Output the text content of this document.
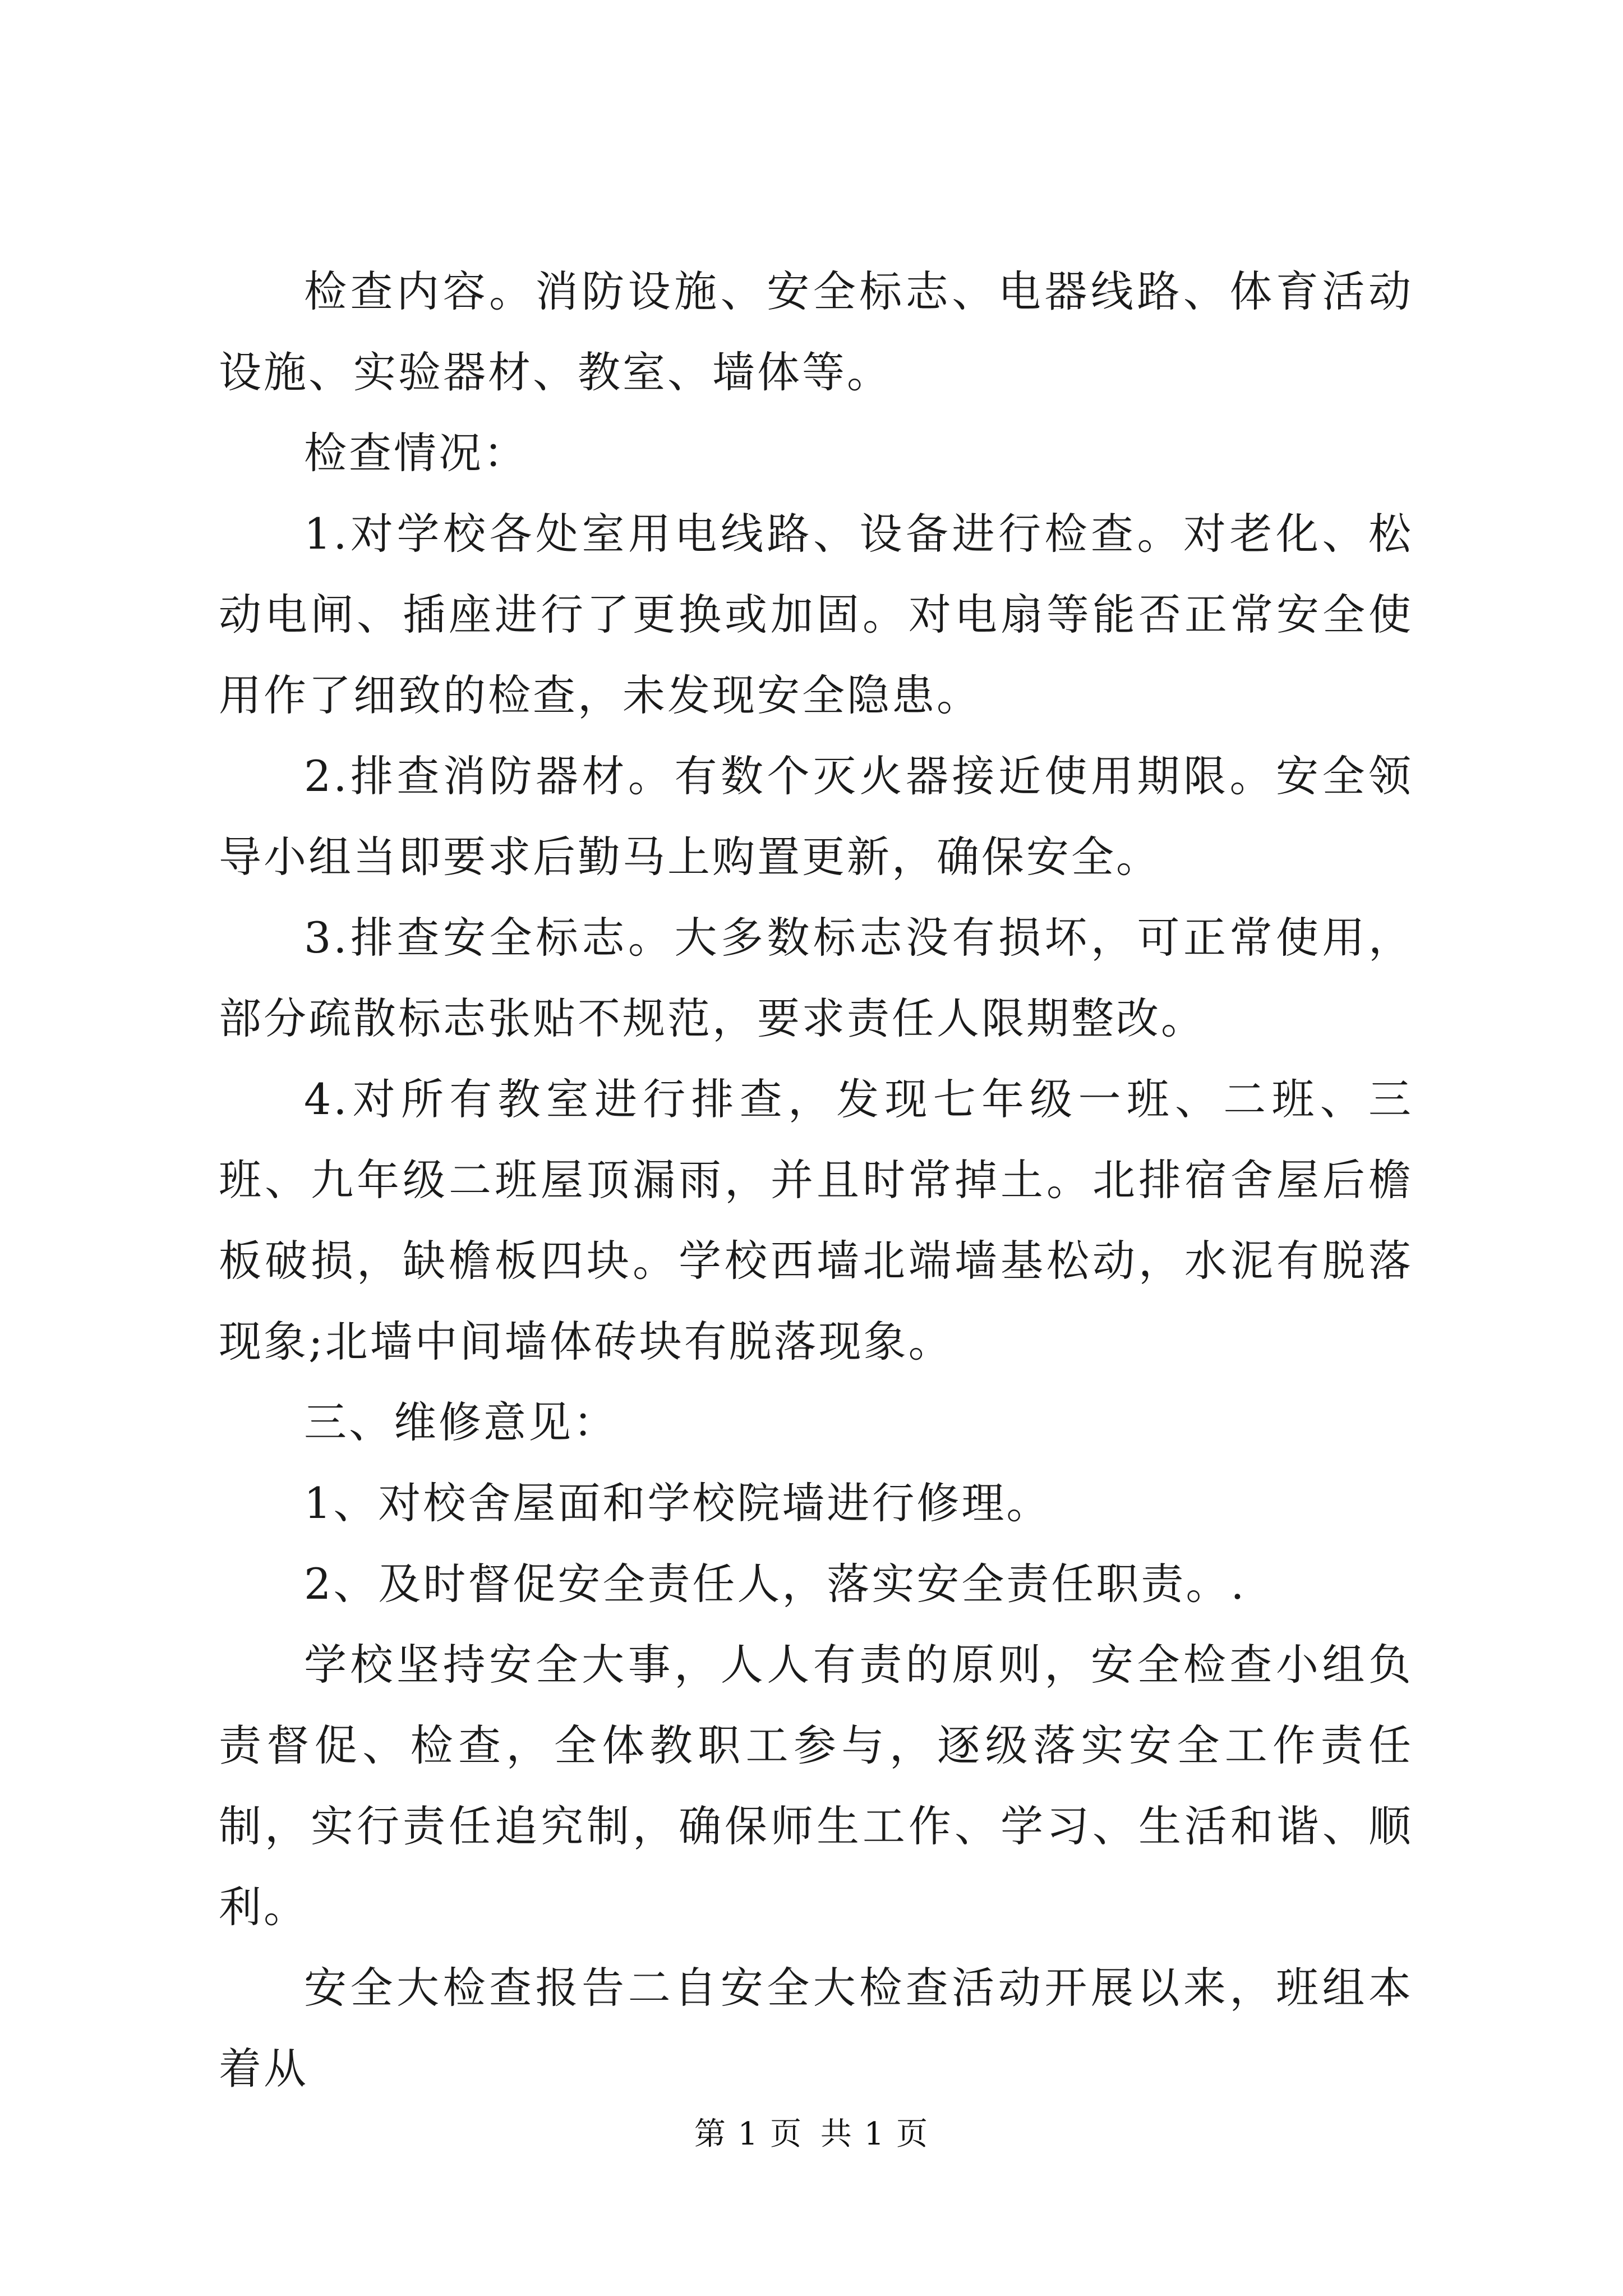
检查内容。消防设施、安全标志、电器线路、体育活动设施、实验器材、教室、墙体等。

检查情况：

1.对学校各处室用电线路、设备进行检查。对老化、松动电闸、插座进行了更换或加固。对电扇等能否正常安全使用作了细致的检查，未发现安全隐患。

2.排查消防器材。有数个灭火器接近使用期限。安全领导小组当即要求后勤马上购置更新，确保安全。

3.排查安全标志。大多数标志没有损坏，可正常使用，部分疏散标志张贴不规范，要求责任人限期整改。

4.对所有教室进行排查，发现七年级一班、二班、三班、九年级二班屋顶漏雨，并且时常掉土。北排宿舍屋后檐板破损，缺檐板四块。学校西墙北端墙基松动，水泥有脱落现象;北墙中间墙体砖块有脱落现象。

三、维修意见：

1、对校舍屋面和学校院墙进行修理。

2、及时督促安全责任人，落实安全责任职责。.

学校坚持安全大事，人人有责的原则，安全检查小组负责督促、检查，全体教职工参与，逐级落实安全工作责任制，实行责任追究制，确保师生工作、学习、生活和谐、顺利。

安全大检查报告二自安全大检查活动开展以来，班组本着从

第 1 页 共 1 页
